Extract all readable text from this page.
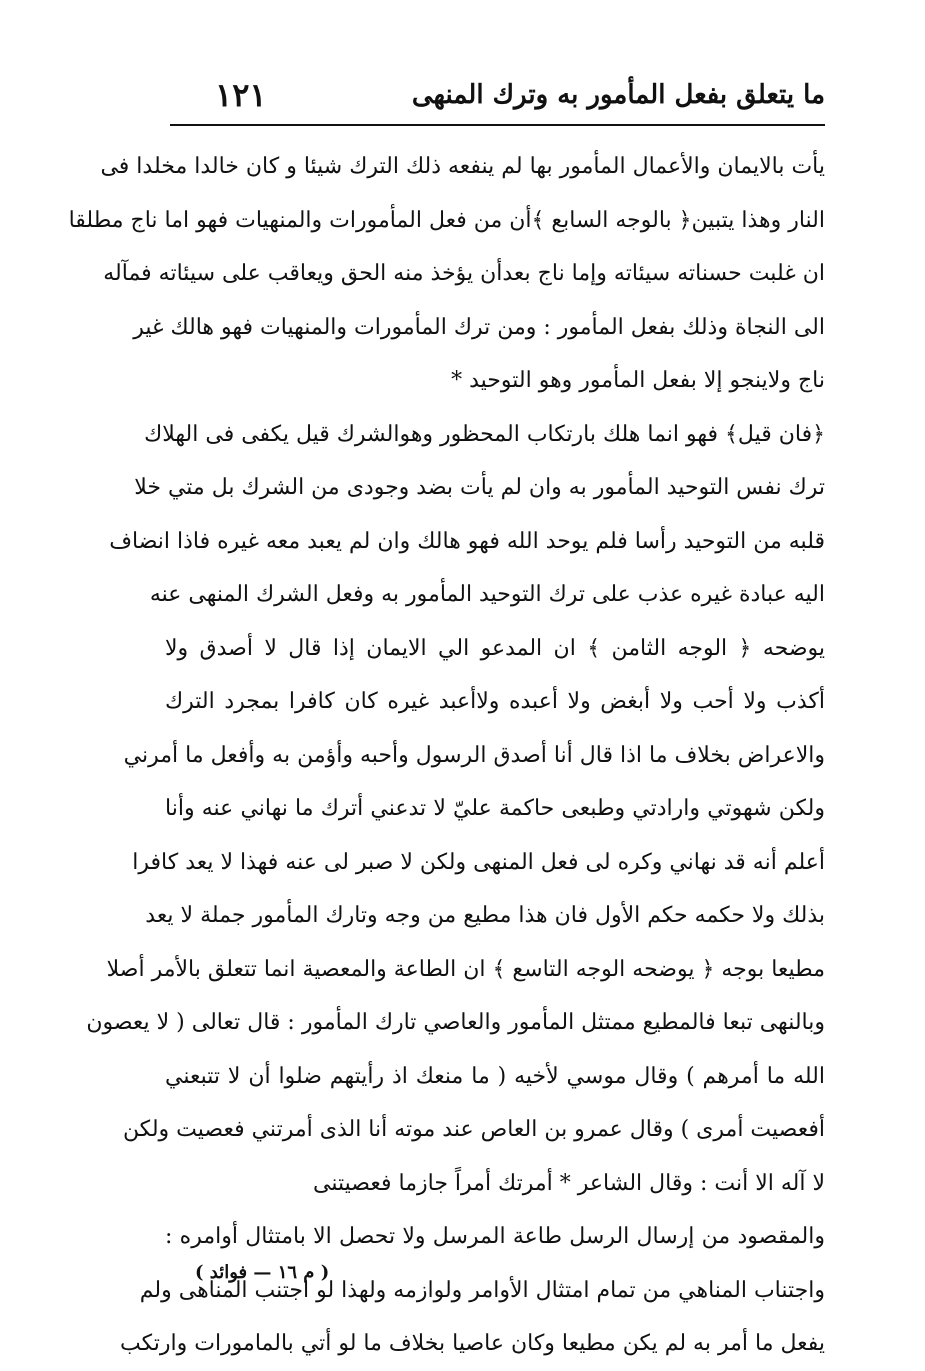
١٢١	ما يتعلق بفعل المأمور به وترك المنهى
يأت بالايمان والأعمال المأمور بها لم ينفعه ذلك الترك شيئا و كان خالدا مخلدا فى
النار وهذا يتبين﴿ بالوجه السابع ﴾أن من فعل المأمورات والمنهيات فهو اما ناج مطلقا
ان غلبت حسناته سيئاته وإما ناج بعدأن يؤخذ منه الحق ويعاقب على سيئاته فمآله
الى النجاة وذلك بفعل المأمور : ومن ترك المأمورات والمنهيات فهو هالك غير
ناج ولاينجو إلا بفعل المأمور وهو التوحيد *
﴿فان قيل﴾ فهو انما هلك بارتكاب المحظور وهوالشرك قيل يكفى فى الهلاك
ترك نفس التوحيد المأمور به وان لم يأت بضد وجودى من الشرك بل متي خلا
قلبه من التوحيد رأسا فلم يوحد الله فهو هالك وان لم يعبد معه غيره فاذا انضاف
اليه عبادة غيره عذب على ترك التوحيد المأمور به وفعل الشرك المنهى عنه
يوضحه ﴿ الوجه الثامن ﴾ ان المدعو الي الايمان إذا قال لا أصدق ولا
أكذب ولا أحب ولا أبغض ولا أعبده ولاأعبد غيره كان كافرا بمجرد الترك
والاعراض بخلاف ما اذا قال أنا أصدق الرسول وأحبه وأؤمن به وأفعل ما أمرني
ولكن شهوتي وارادتي وطبعى حاكمة عليّ لا تدعني أترك ما نهاني عنه وأنا
أعلم أنه قد نهاني وكره لى فعل المنهى ولكن لا صبر لى عنه فهذا لا يعد كافرا
بذلك ولا حكمه حكم الأول فان هذا مطيع من وجه وتارك المأمور جملة لا يعد
مطيعا بوجه ﴿ يوضحه الوجه التاسع ﴾ ان الطاعة والمعصية انما تتعلق بالأمر أصلا
وبالنهى تبعا فالمطيع ممتثل المأمور والعاصي تارك المأمور : قال تعالى ( لا يعصون
الله ما أمرهم ) وقال موسي لأخيه ( ما منعك اذ رأيتهم ضلوا أن لا تتبعني
أفعصيت أمرى ) وقال عمرو بن العاص عند موته أنا الذى أمرتني فعصيت ولكن
لا آله الا أنت : وقال الشاعر * أمرتك أمراً جازما فعصيتنى
والمقصود من إرسال الرسل طاعة المرسل ولا تحصل الا بامتثال أوامره :
واجتناب المناهي من تمام امتثال الأوامر ولوازمه ولهذا لو اجتنب المناهى ولم
يفعل ما أمر به لم يكن مطيعا وكان عاصيا بخلاف ما لو أتي بالمامورات وارتكب
( م ١٦ — فوائد )
